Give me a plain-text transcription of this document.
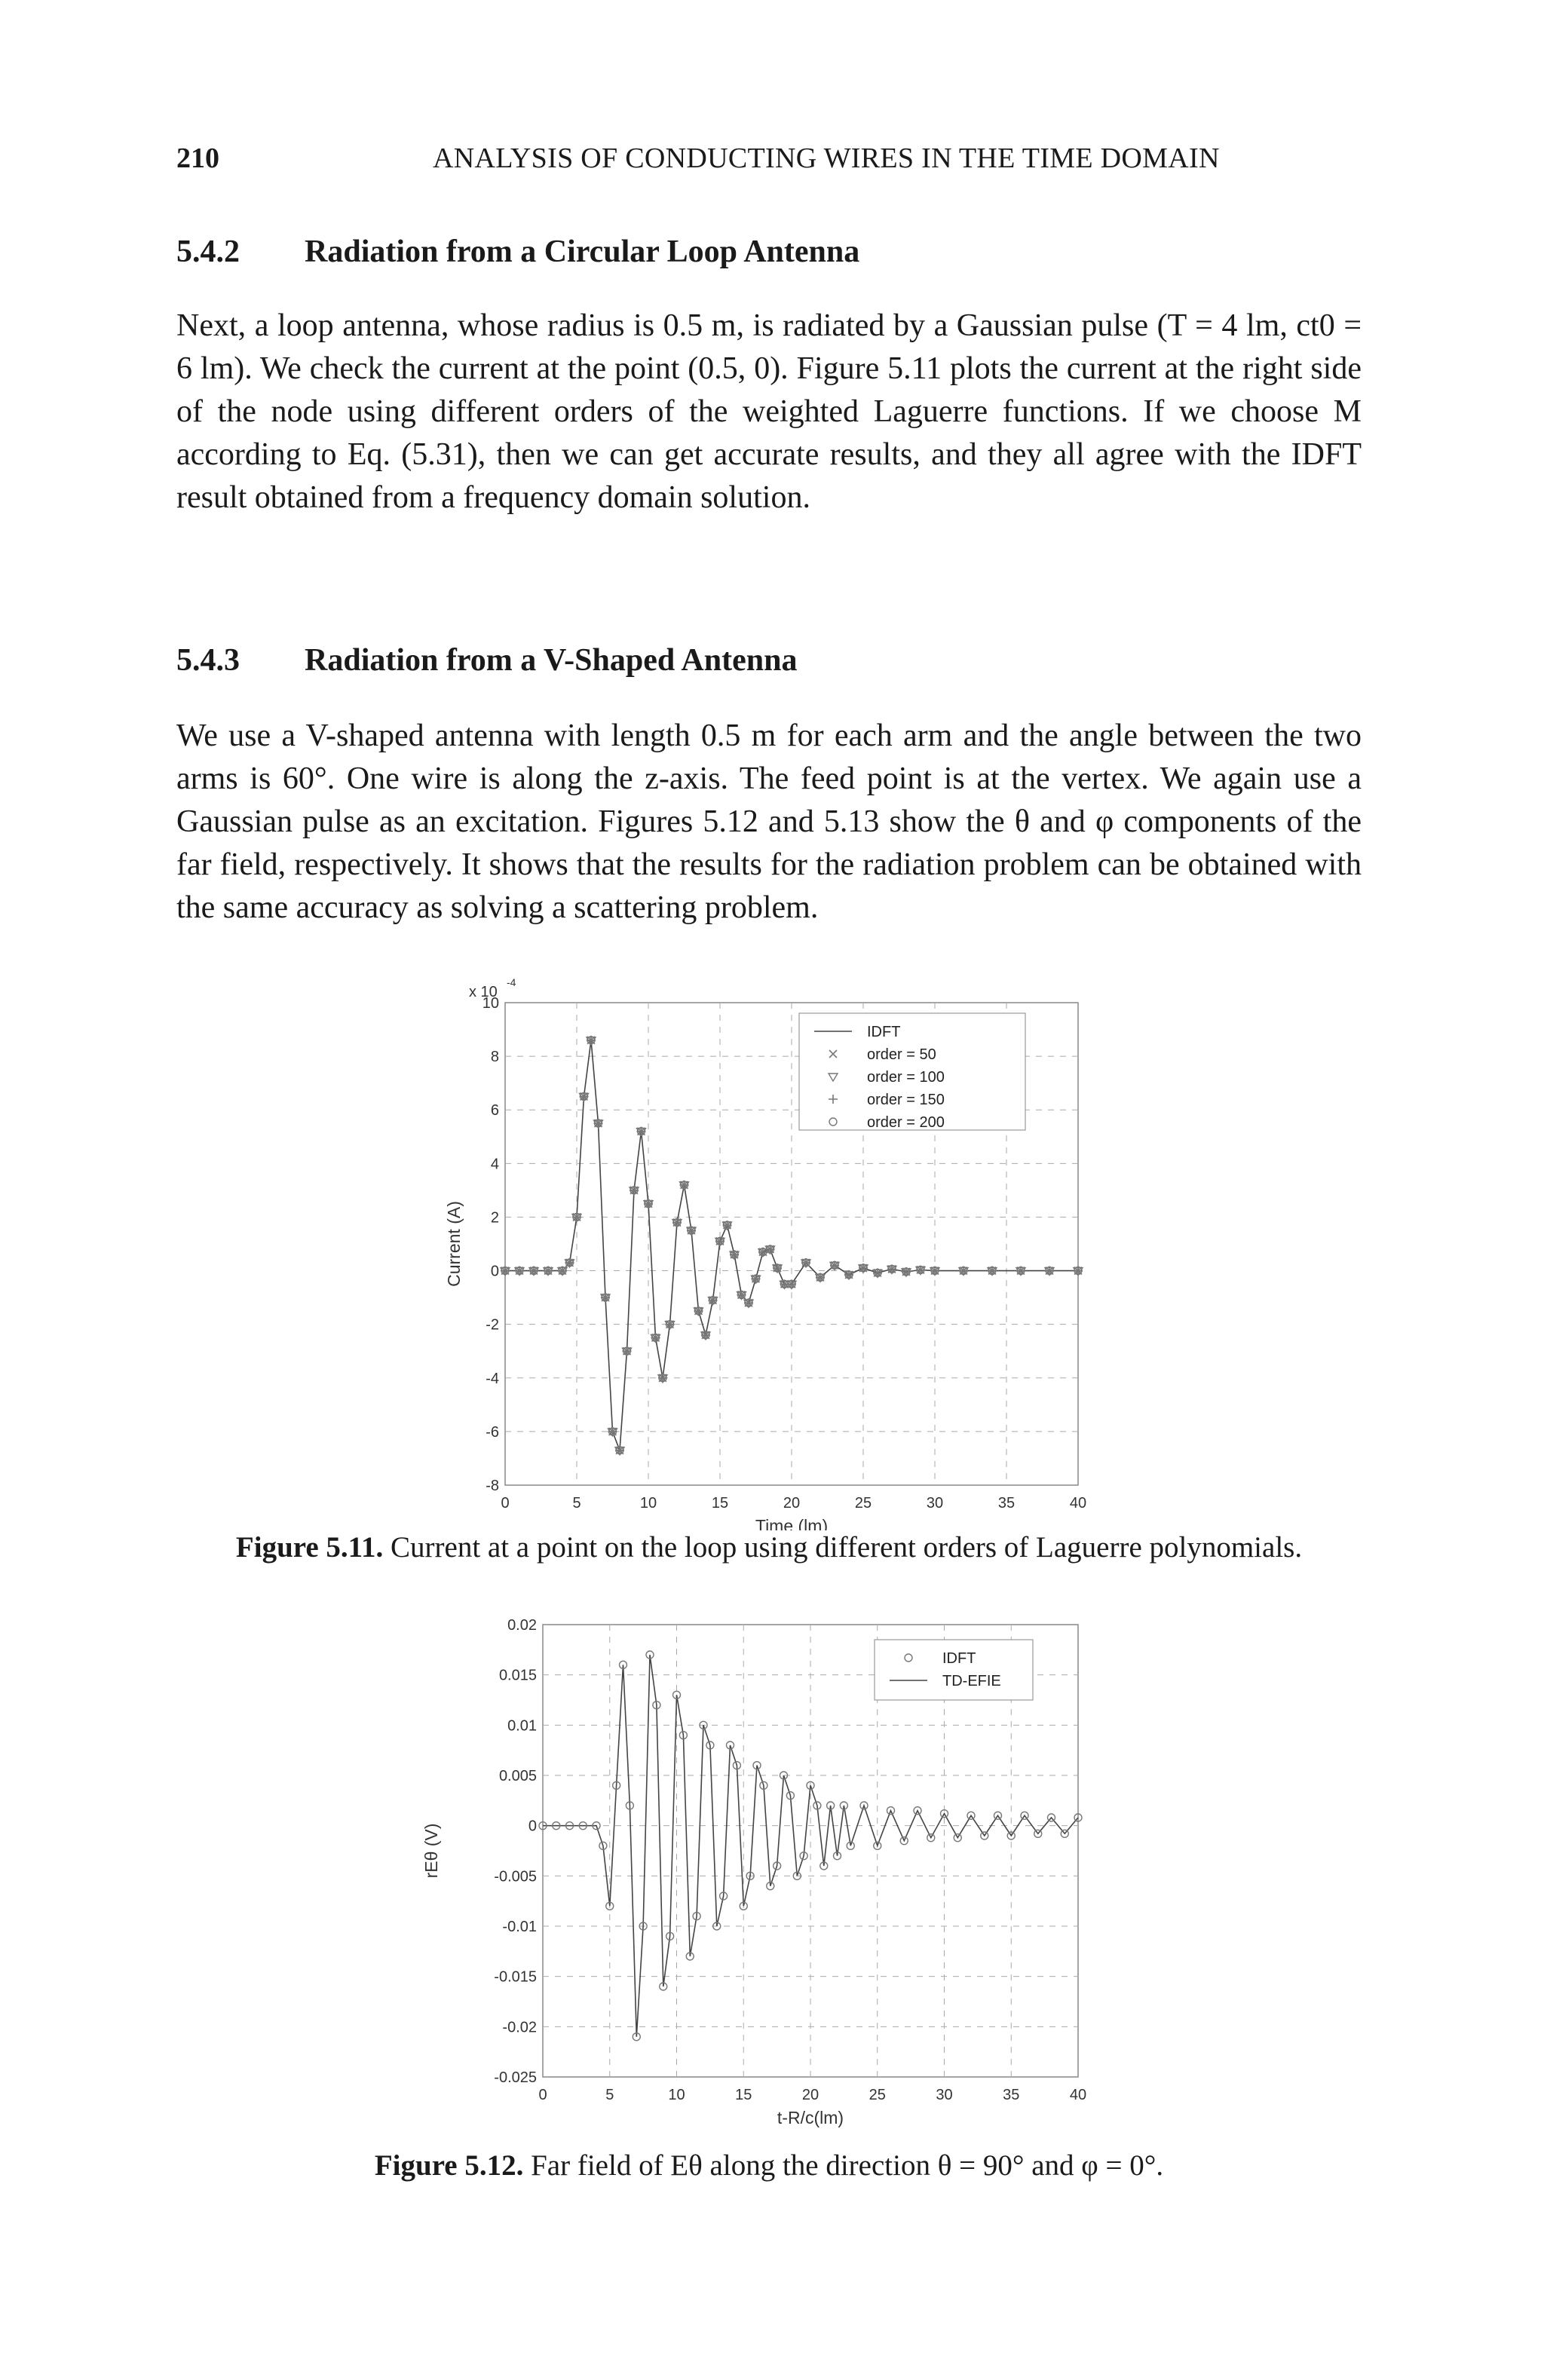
210	ANALYSIS OF CONDUCTING WIRES IN THE TIME DOMAIN
5.4.2 Radiation from a Circular Loop Antenna

Next, a loop antenna, whose radius is 0.5 m, is radiated by a Gaussian pulse (T = 4 lm, ct0 = 6 lm). We check the current at the point (0.5, 0). Figure 5.11 plots the current at the right side of the node using different orders of the weighted Laguerre functions. If we choose M according to Eq. (5.31), then we can get accurate results, and they all agree with the IDFT result obtained from a frequency domain solution.

5.4.3 Radiation from a V-Shaped Antenna

We use a V-shaped antenna with length 0.5 m for each arm and the angle between the two arms is 60°. One wire is along the z-axis. The feed point is at the vertex. We again use a Gaussian pulse as an excitation. Figures 5.12 and 5.13 show the θ and φ components of the far field, respectively. It shows that the results for the radiation problem can be obtained with the same accuracy as solving a scattering problem.

0	5	10	15	20	25	30	35	40
-8
-6
-4
-2
0
2
4
6
8
10
Time (lm)
Current (A)
IDFT
order = 50
order = 100
order = 150
order = 200
x 10
-4
Figure 5.11. Current at a point on the loop using different orders of Laguerre polynomials.
0	5	10	15	20	25	30	35	40
-0.025
-0.02
-0.015
-0.01
-0.005
0
0.005
0.01
0.015
0.02
t-R/c(lm)
rEθ (V)
IDFT
TD-EFIE
Figure 5.12. Far field of Eθ along the direction θ = 90° and φ = 0°.
